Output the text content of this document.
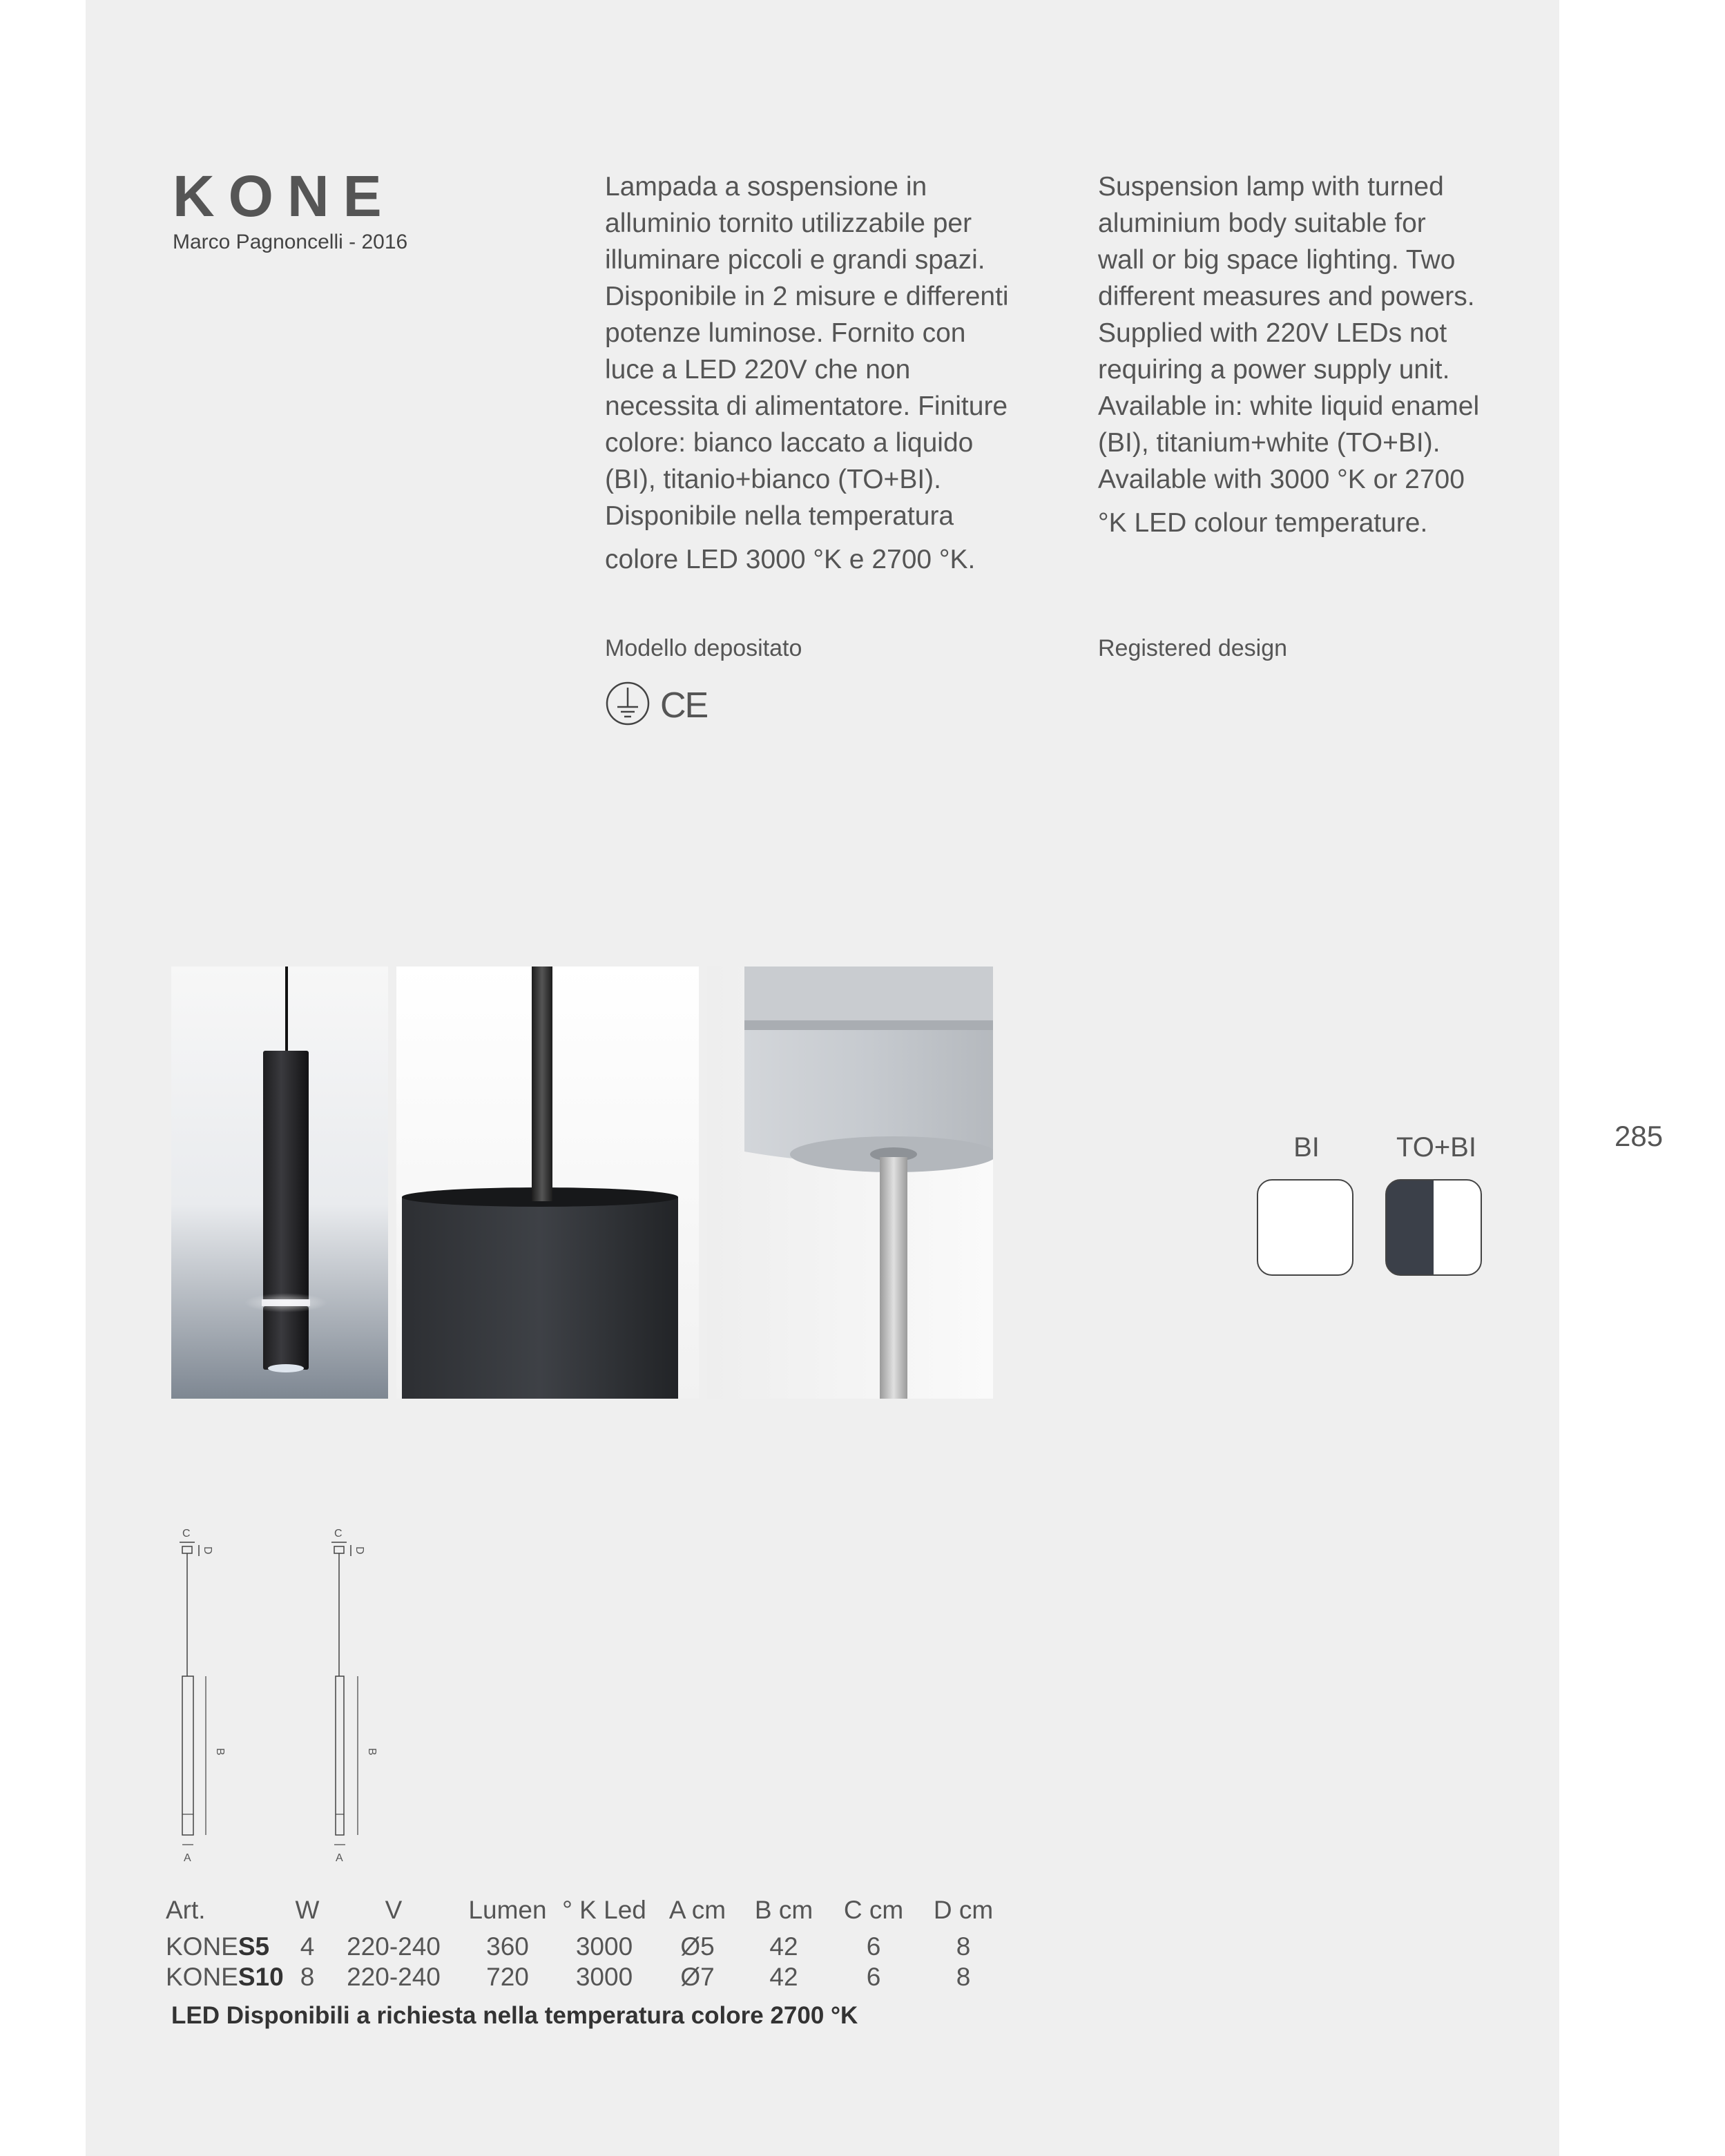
KONE
Marco Pagnoncelli - 2016
Lampada a sospensione in
alluminio tornito utilizzabile per
illuminare piccoli e grandi spazi.
Disponibile in 2 misure e differenti
potenze luminose. Fornito con
luce a LED 220V che non
necessita di alimentatore. Finiture
colore: bianco laccato a liquido
(BI), titanio+bianco (TO+BI).
Disponibile nella temperatura
colore LED 3000 °K e 2700 °K.
Suspension lamp with turned
aluminium body suitable for
wall or big space lighting. Two
different measures and powers.
Supplied with 220V LEDs not
requiring a power supply unit.
Available in: white liquid enamel
(BI), titanium+white (TO+BI).
Available with 3000 °K or 2700
°K LED colour temperature.
Modello depositato	Registered design
CE
285
BI	TO+BI
C
D
B
A
C
D
B
A
Art.	W	V	Lumen	° K Led	A cm	B cm	C cm	D cm
KONES5	4	220-240	360	3000	Ø5	42	6	8
KONES10	8	220-240	720	3000	Ø7	42	6	8
LED Disponibili a richiesta nella temperatura colore 2700 °K
